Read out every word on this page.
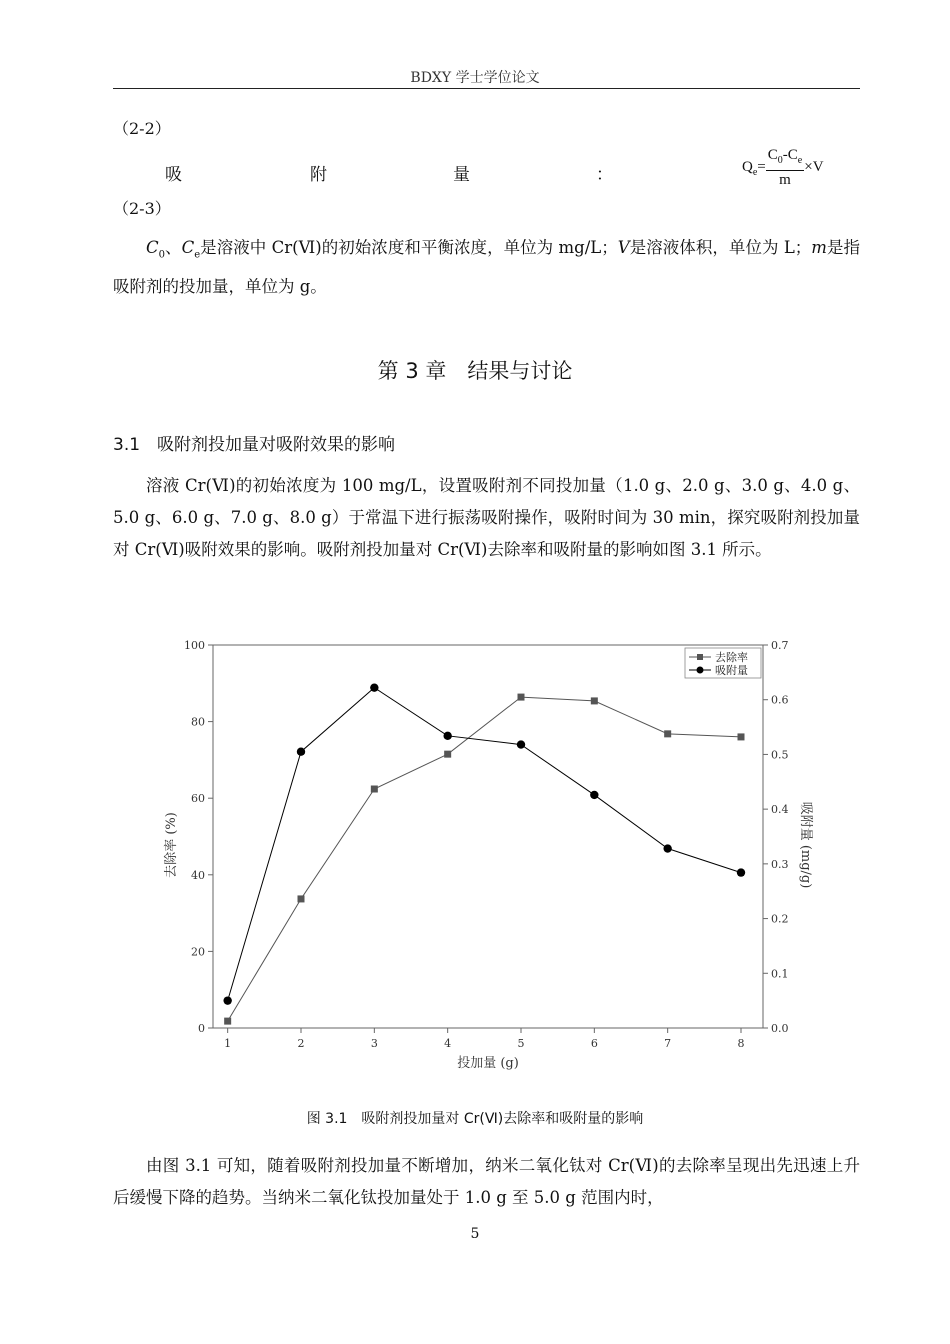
BDXY 学士学位论文
（2-2）
吸	附	量	：	$Q_e= \frac{C_0-C_e}{m} \times V$
（2-3）
$C_0$、$C_e$是溶液中 Cr(Ⅵ)的初始浓度和平衡浓度，单位为 mg/L；V是溶液体积，单位为 L；m是指吸附剂的投加量，单位为 g。
第 3 章　结果与讨论
3.1　吸附剂投加量对吸附效果的影响
溶液 Cr(Ⅵ)的初始浓度为 100 mg/L，设置吸附剂不同投加量（1.0 g、2.0 g、3.0 g、4.0 g、5.0 g、6.0 g、7.0 g、8.0 g）于常温下进行振荡吸附操作，吸附时间为 30 min，探究吸附剂投加量对 Cr(Ⅵ)吸附效果的影响。吸附剂投加量对 Cr(Ⅵ)去除率和吸附量的影响如图 3.1 所示。
1	2	3	4	5	6	7	8
0
20
40
60
80
100
0.0
0.1
0.2
0.3
0.4
0.5
0.6
0.7
去除率
吸附量
投加量 (g)
去除率 (%)	吸附量 (mg/g)
图 3.1　吸附剂投加量对 Cr(Ⅵ)去除率和吸附量的影响
由图 3.1 可知，随着吸附剂投加量不断增加，纳米二氧化钛对 Cr(Ⅵ)的去除率呈现出先迅速上升后缓慢下降的趋势。当纳米二氧化钛投加量处于 1.0 g 至 5.0 g 范围内时，
5
